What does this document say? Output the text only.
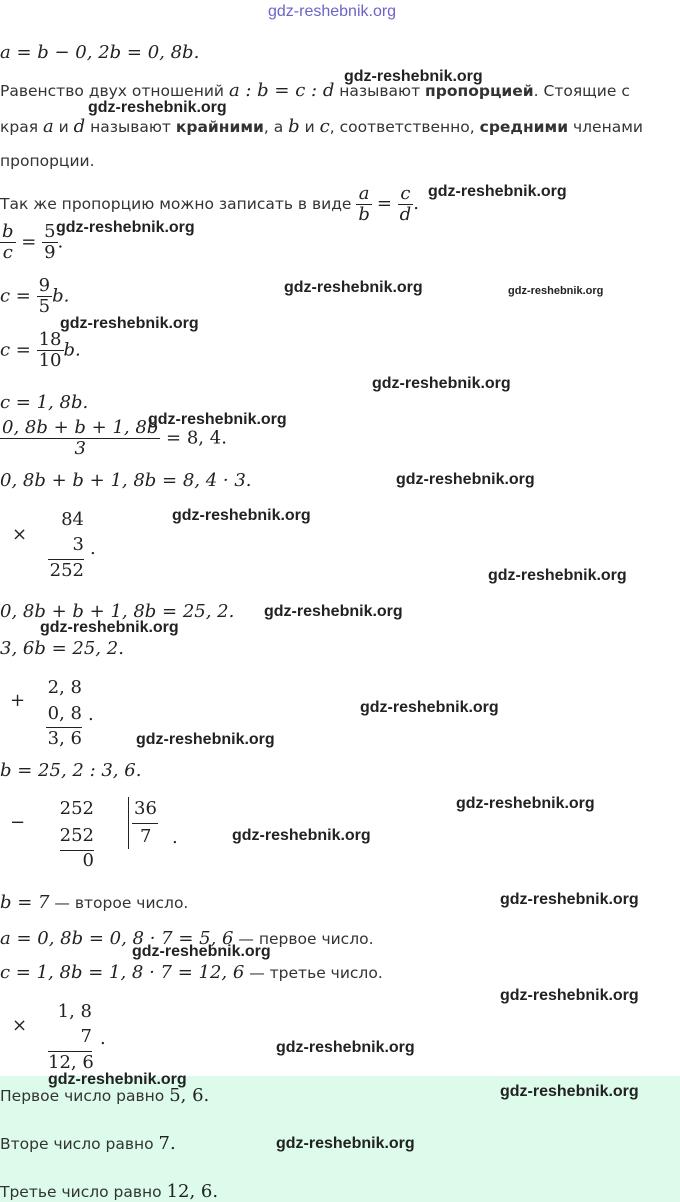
gdz-reshebnik.org
a = b − 0, 2b = 0, 8b.
Равенство двух отношений a : b = c : d называют пропорцией. Стоящие с
края a и d называют крайними, а b и c, соответственно, средними членами
пропорции.
Так же пропорцию можно записать в виде $\frac{a}{b} = \frac{c}{d}$ .
$\frac{b}{c} = \frac{5}{9}$ .
$c = \frac{9}{5} b$.
$c = \frac{18}{10} b$.
c = 1, 8b.
$\frac{0, 8b + b + 1, 8b}{3} = 8$, 4.
0, 8b + b + 1, 8b = 8, 4 · 3.
×
84
3
252
.
0, 8b + b + 1, 8b = 25, 2.
3, 6b = 25, 2.
+
2, 8
0, 8
3, 6
.
b = 25, 2 : 3, 6.
−
252
252
0
36
7 .
b = 7 — второе число.
a = 0, 8b = 0, 8 · 7 = 5, 6 — первое число.
c = 1, 8b = 1, 8 · 7 = 12, 6 — третье число.
×
1, 8
7
12, 6
.
Первое число равно 5, 6.
Вторе число равно 7.
Третье число равно 12, 6.
gdz-reshebnik.org
gdz-reshebnik.org
gdz-reshebnik.org
gdz-reshebnik.org
gdz-reshebnik.org	gdz-reshebnik.org
gdz-reshebnik.org
gdz-reshebnik.org
gdz-reshebnik.org
gdz-reshebnik.org
gdz-reshebnik.org
gdz-reshebnik.org
gdz-reshebnik.org
gdz-reshebnik.org
gdz-reshebnik.org
gdz-reshebnik.org
gdz-reshebnik.org
gdz-reshebnik.org
gdz-reshebnik.org
gdz-reshebnik.org
gdz-reshebnik.org
gdz-reshebnik.org
gdz-reshebnik.org
gdz-reshebnik.org
gdz-reshebnik.org
